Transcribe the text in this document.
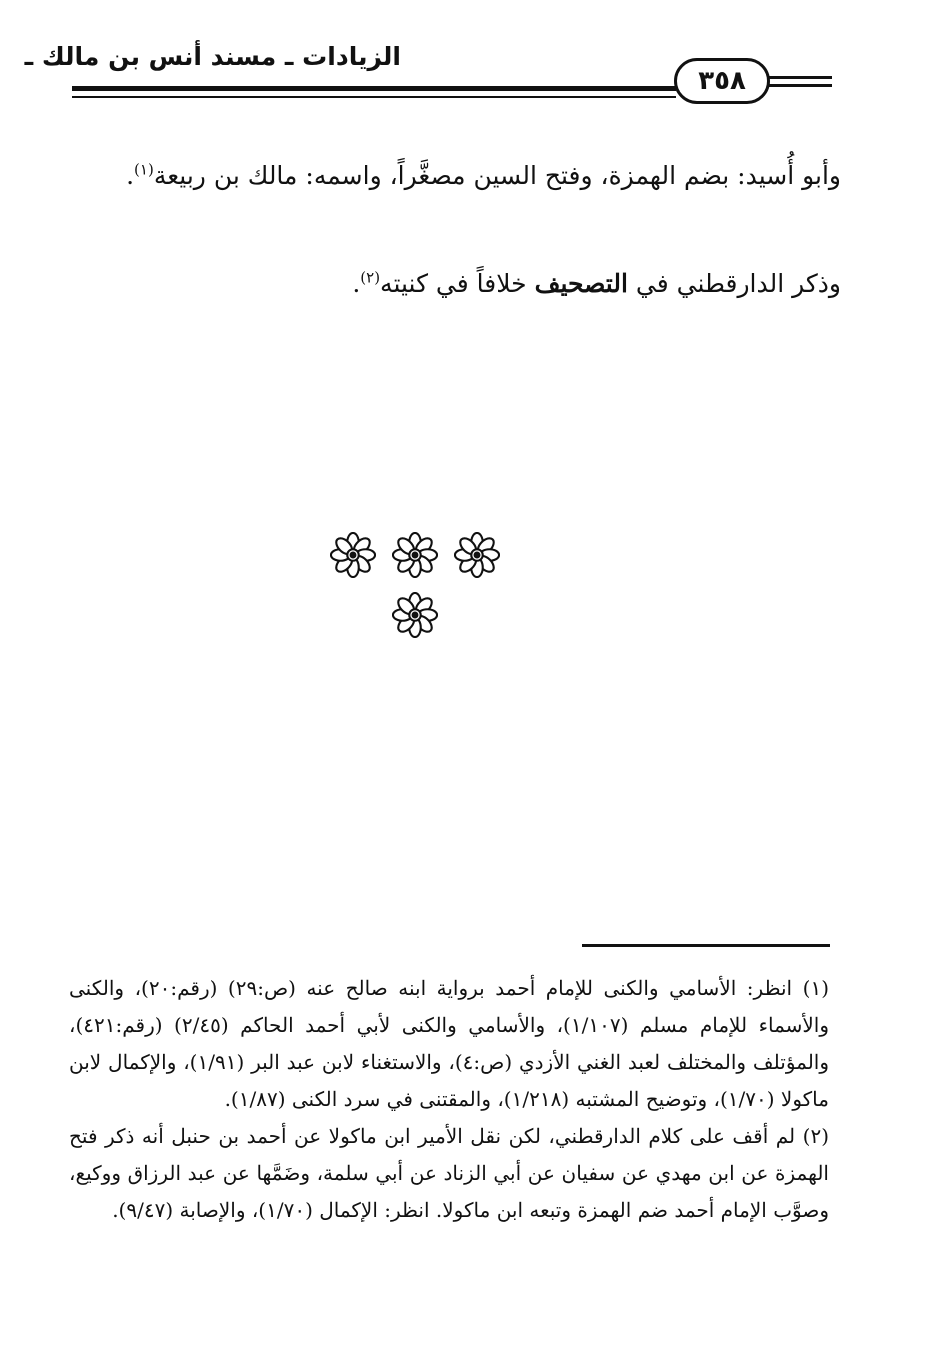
الزيادات ـ مسند أنس بن مالك ـ
٣٥٨

وأبو أُسيد: بضم الهمزة، وفتح السين مصغَّراً، واسمه: مالك بن ربيعة$^{(١)}$.

وذكر الدارقطني في التصحيف خلافاً في كنيته$^{(٢)}$.

(١) انظر: الأسامي والكنى للإمام أحمد برواية ابنه صالح عنه (ص:٢٩) (رقم:٢٠)، والكنى والأسماء للإمام مسلم (١/١٠٧)، والأسامي والكنى لأبي أحمد الحاكم (٢/٤٥) (رقم:٤٢١)، والمؤتلف والمختلف لعبد الغني الأزدي (ص:٤)، والاستغناء لابن عبد البر (١/٩١)، والإكمال لابن ماكولا (١/٧٠)، وتوضيح المشتبه (١/٢١٨)، والمقتنى في سرد الكنى (١/٨٧).

(٢) لم أقف على كلام الدارقطني، لكن نقل الأمير ابن ماكولا عن أحمد بن حنبل أنه ذكر فتح الهمزة عن ابن مهدي عن سفيان عن أبي الزناد عن أبي سلمة، وضَمَّها عن عبد الرزاق ووكيع، وصوَّب الإمام أحمد ضم الهمزة وتبعه ابن ماكولا. انظر: الإكمال (١/٧٠)، والإصابة (٩/٤٧).
